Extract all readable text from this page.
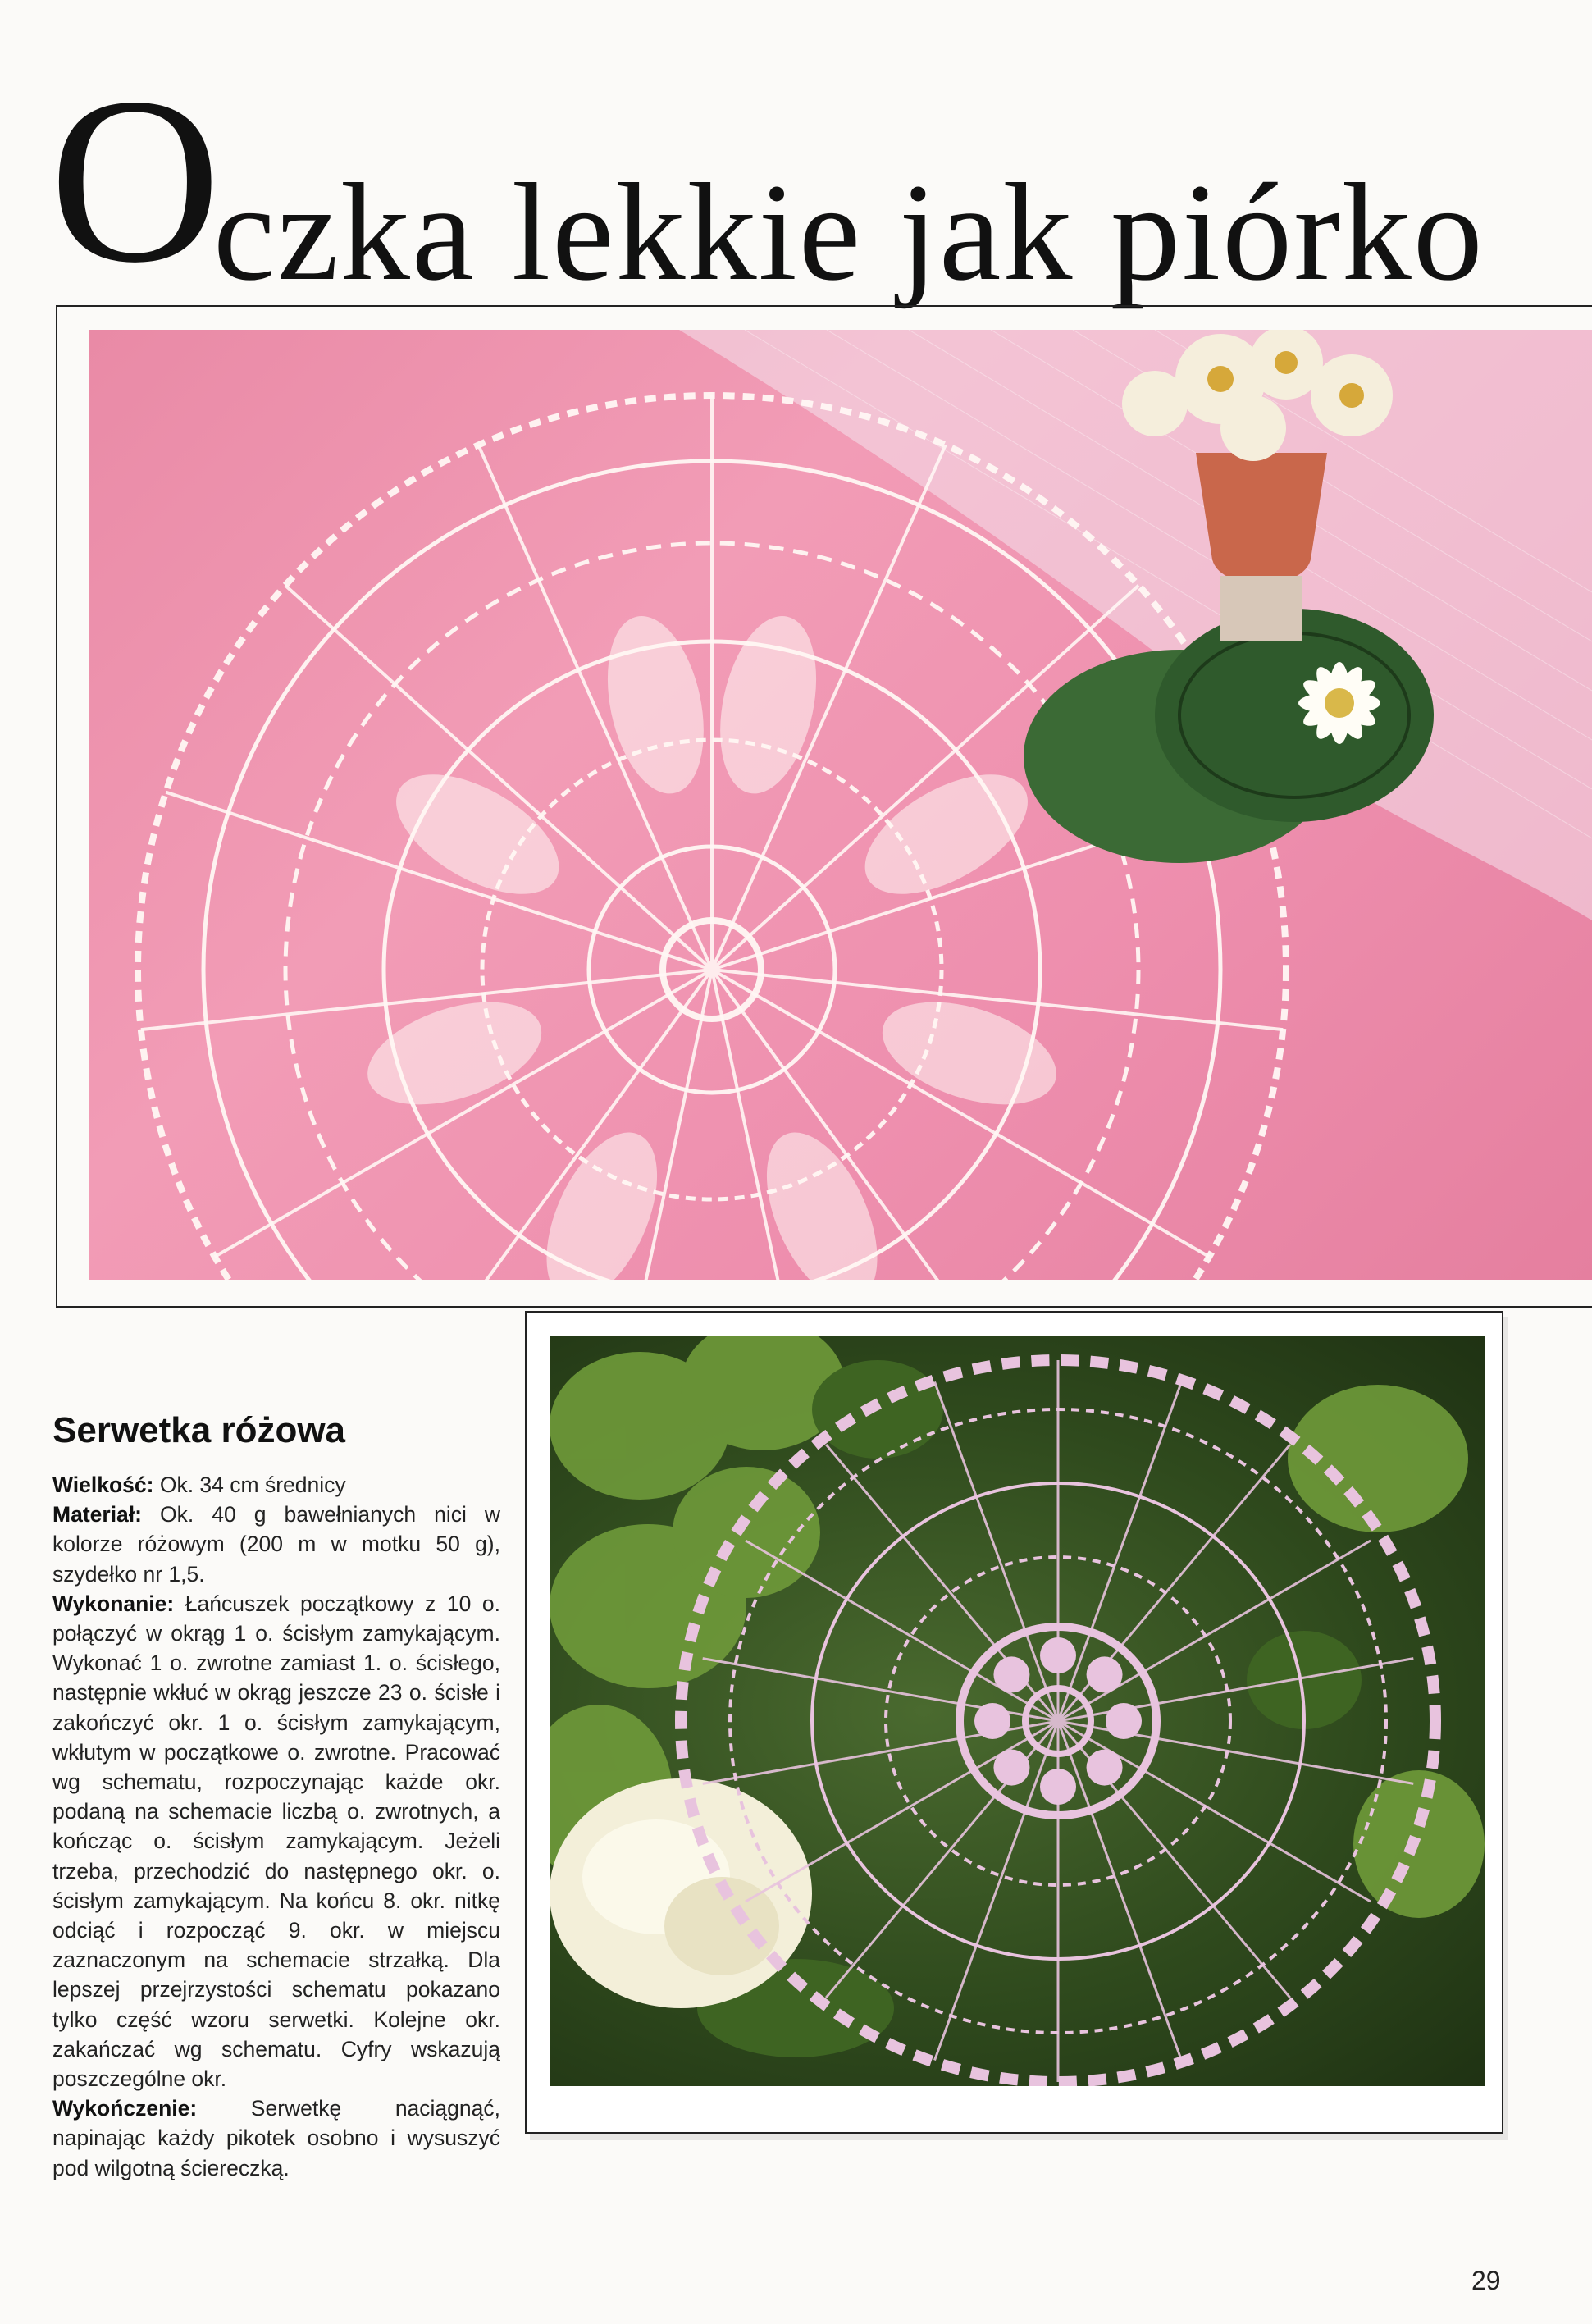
O
czka lekkie jak piórko
Serwetka różowa

Wielkość: Ok. 34 cm średnicy

Materiał: Ok. 40 g bawełnianych nici w kolorze różowym (200 m w motku 50 g), szydełko nr 1,5.

Wykonanie: Łańcuszek początkowy z 10 o. połączyć w okrąg 1 o. ścisłym zamykającym. Wykonać 1 o. zwrotne zamiast 1. o. ścisłego, następnie wkłuć w okrąg jeszcze 23 o. ścisłe i zakończyć okr. 1 o. ścisłym zamykającym, wkłutym w początkowe o. zwrotne. Pracować wg schematu, rozpoczynając każde okr. podaną na schemacie liczbą o. zwrotnych, a kończąc o. ścisłym zamykającym. Jeżeli trzeba, przechodzić do następnego okr. o. ścisłym zamykającym. Na końcu 8. okr. nitkę odciąć i rozpocząć 9. okr. w miejscu zaznaczonym na schemacie strzałką. Dla lepszej przejrzystości schematu pokazano tylko część wzoru serwetki. Kolejne okr. zakańczać wg schematu. Cyfry wskazują poszczególne okr.

Wykończenie: Serwetkę naciągnąć, napinając każdy pikotek osobno i wysuszyć pod wilgotną ściereczką.

29
